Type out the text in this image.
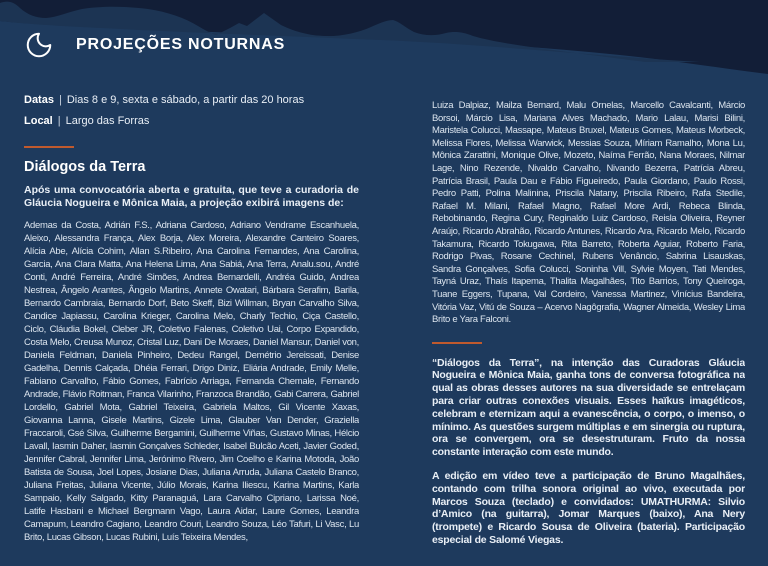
PROJEÇÕES NOTURNAS

Datas | Dias 8 e 9, sexta e sábado, a partir das 20 horas

Local | Largo das Forras

Diálogos da Terra

Após uma convocatória aberta e gratuita, que teve a curadoria de Gláucia Nogueira e Mônica Maia, a projeção exibirá imagens de:

Ademas da Costa, Adrián F.S., Adriana Cardoso, Adriano Vendrame Escanhuela, Aleixo, Alessandra França, Alex Borja, Alex Moreira, Alexandre Canteiro Soares, Alícia Abe, Alícia Cohim, Allan S.Ribeiro, Ana Carolina Fernandes, Ana Carolina, Garcia, Ana Clara Matta, Ana Helena Lima, Ana Sabiá, Ana Terra, Analu.sou, André Conti, André Ferreira, André Simões, Andrea Bernardelli, Andréa Guido, Andrea Nestrea, Ângelo Arantes, Ângelo Martins, Annete Owatari, Bárbara Serafim, Barila, Bernardo Cambraia, Bernardo Dorf, Beto Skeff, Bizi Willman, Bryan Carvalho Silva, Candice Japiassu, Carolina Krieger, Carolina Melo, Charly Techio, Ciça Castello, Ciclo, Cláudia Bokel, Cleber JR, Coletivo Falenas, Coletivo Uai, Corpo Expandido, Costa Melo, Creusa Munoz, Cristal Luz, Dani De Moraes, Daniel Mansur, Daniel von, Daniela Feldman, Daniela Pinheiro, Dedeu Rangel, Demétrio Jereissati, Denise Gadelha, Dennis Calçada, Dhéia Ferrari, Drigo Diniz, Eliária Andrade, Emily Melle, Fabiano Carvalho, Fábio Gomes, Fabrício Arriaga, Fernanda Chemale, Fernando Andrade, Flávio Roitman, Franca Vilarinho, Franzoca Brandão, Gabi Carrera, Gabriel Lordello, Gabriel Mota, Gabriel Teixeira, Gabriela Maltos, Gil Vicente Xaxas, Giovanna Lanna, Gisele Martins, Gizele Lima, Glauber Van Dender, Graziella Fraccaroli, Gsé Silva, Guilherme Bergamini, Guilherme Viñas, Gustavo Minas, Hélcio Lavall, Iasmin Daher, Iasmin Gonçalves Schleder, Isabel Bulcão Aceti, Javier Goded, Jennifer Cabral, Jennifer Lima, Jerónimo Rivero, Jim Coelho e Karina Motoda, João Batista de Sousa, Joel Lopes, Josiane Dias, Juliana Arruda, Juliana Castelo Branco, Juliana Freitas, Juliana Vicente, Júlio Morais, Karina Iliescu, Karina Martins, Karla Sampaio, Kelly Salgado, Kitty Paranaguá, Lara Carvalho Cipriano, Larissa Noé, Latife Hasbani e Michael Bergmann Vago, Laura Aidar, Laure Gomes, Leandra Camapum, Leandro Cagiano, Leandro Couri, Leandro Souza, Léo Tafuri, Li Vasc, Lu Brito, Lucas Gibson, Lucas Rubini, Luís Teixeira Mendes,

Luiza Dalpiaz, Mailza Bernard, Malu Ornelas, Marcello Cavalcanti, Márcio Borsoi, Márcio Lisa, Mariana Alves Machado, Mario Lalau, Marisi Bilini, Maristela Colucci, Massape, Mateus Bruxel, Mateus Gomes, Mateus Morbeck, Melissa Flores, Melissa Warwick, Messias Souza, Míriam Ramalho, Mona Lu, Mônica Zarattini, Monique Olive, Mozeto, Naíma Ferrão, Nana Moraes, Nilmar Lage, Nino Rezende, Nivaldo Carvalho, Nivando Bezerra, Patrícia Abreu, Patrícia Brasil, Paula Dau e Fábio Figueiredo, Paula Giordano, Paulo Rossi, Pedro Patti, Polina Malinina, Priscila Natany, Priscila Ribeiro, Rafa Stedile, Rafael M. Milani, Rafael Magno, Rafael More Ardi, Rebeca Blinda, Rebobinando, Regina Cury, Reginaldo Luiz Cardoso, Reisla Oliveira, Reyner Araújo, Ricardo Abrahão, Ricardo Antunes, Ricardo Ara, Ricardo Melo, Ricardo Takamura, Ricardo Tokugawa, Rita Barreto, Roberta Aguiar, Roberto Faria, Rodrigo Pivas, Rosane Cechinel, Rubens Venâncio, Sabrina Lisauskas, Sandra Gonçalves, Sofia Colucci, Soninha Vill, Sylvie Moyen, Tati Mendes, Tayná Uraz, Thaís Itapema, Thalita Magalhães, Tito Barrios, Tony Queiroga, Tuane Eggers, Tupana, Val Cordeiro, Vanessa Martinez, Vinícius Bandeira, Vitória Vaz, Vitú de Souza – Acervo Nagôgrafia, Wagner Almeida, Wesley Lima Brito e Yara Falconi.

“Diálogos da Terra”, na intenção das Curadoras Gláucia Nogueira e Mônica Maia, ganha tons de conversa fotográfica na qual as obras desses autores na sua diversidade se entrelaçam para criar outras conexões visuais. Esses haïkus imagéticos, celebram e eternizam aqui a evanescência, o corpo, o imenso, o mínimo. As questões surgem múltiplas e em sinergia ou ruptura, ora se convergem, ora se desestruturam. Fruto da nossa constante interação com este mundo.

A edição em vídeo teve a participação de Bruno Magalhães, contando com trilha sonora original ao vivo, executada por Marcos Souza (teclado) e convidados: UMATHURMA: Silvio d’Amico (na guitarra), Jomar Marques (baixo), Ana Nery (trompete) e Ricardo Sousa de Oliveira (bateria). Participação especial de Salomé Viegas.
